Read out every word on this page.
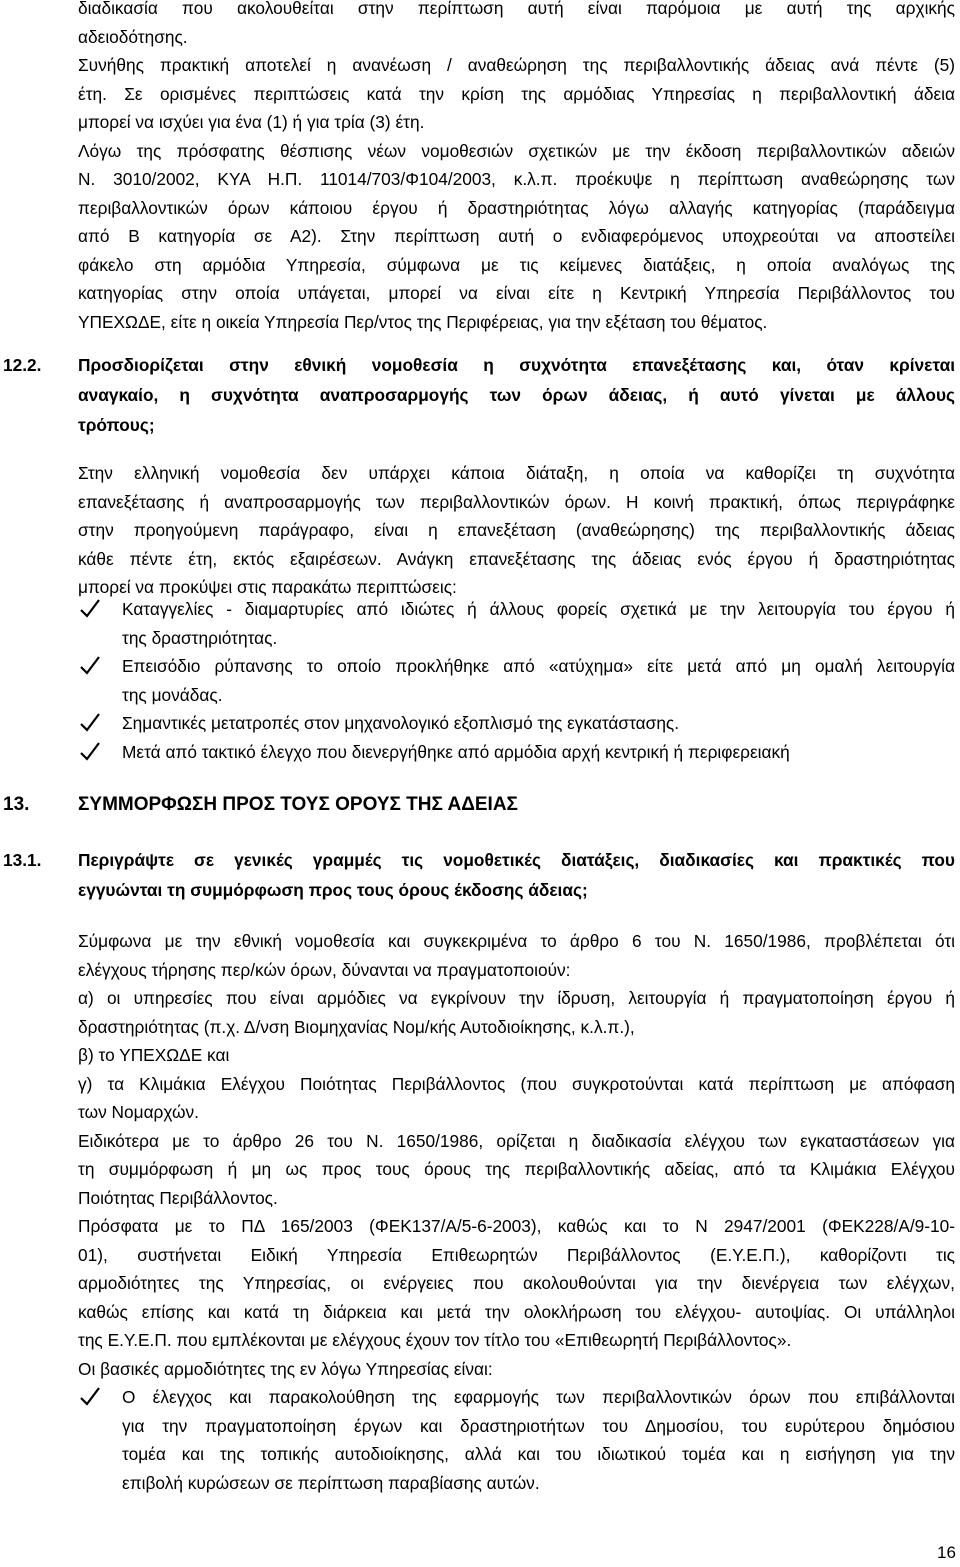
διαδικασία που ακολουθείται στην περίπτωση αυτή είναι παρόμοια με αυτή της αρχικής

αδειοδότησης.

Συνήθης πρακτική αποτελεί η ανανέωση / αναθεώρηση της περιβαλλοντικής άδειας ανά πέντε (5)

έτη. Σε ορισμένες περιπτώσεις κατά την κρίση της αρμόδιας Υπηρεσίας η περιβαλλοντική άδεια

μπορεί να ισχύει για ένα (1) ή για τρία (3) έτη.

Λόγω της πρόσφατης θέσπισης νέων νομοθεσιών σχετικών με την έκδοση περιβαλλοντικών αδειών

Ν. 3010/2002, ΚΥΑ Η.Π. 11014/703/Φ104/2003, κ.λ.π. προέκυψε η περίπτωση αναθεώρησης των

περιβαλλοντικών όρων κάποιου έργου ή δραστηριότητας λόγω αλλαγής κατηγορίας (παράδειγμα

από Β κατηγορία σε Α2). Στην περίπτωση αυτή ο ενδιαφερόμενος υποχρεούται να αποστείλει

φάκελο στη αρμόδια Υπηρεσία, σύμφωνα με τις κείμενες διατάξεις, η οποία αναλόγως της

κατηγορίας στην οποία υπάγεται, μπορεί να είναι είτε η Κεντρική Υπηρεσία Περιβάλλοντος του

ΥΠΕΧΩΔΕ, είτε η οικεία Υπηρεσία Περ/ντος της Περιφέρειας, για την εξέταση του θέματος.

12.2. Προσδιορίζεται στην εθνική νομοθεσία η συχνότητα επανεξέτασης και, όταν κρίνεται

αναγκαίο, η συχνότητα αναπροσαρμογής των όρων άδειας, ή αυτό γίνεται με άλλους

τρόπους;

Στην ελληνική νομοθεσία δεν υπάρχει κάποια διάταξη, η οποία να καθορίζει τη συχνότητα

επανεξέτασης ή αναπροσαρμογής των περιβαλλοντικών όρων. Η κοινή πρακτική, όπως περιγράφηκε

στην προηγούμενη παράγραφο, είναι η επανεξέταση (αναθεώρησης) της περιβαλλοντικής άδειας

κάθε πέντε έτη, εκτός εξαιρέσεων. Ανάγκη επανεξέτασης της άδειας ενός έργου ή δραστηριότητας

μπορεί να προκύψει στις παρακάτω περιπτώσεις:

Καταγγελίες - διαμαρτυρίες από ιδιώτες ή άλλους φορείς σχετικά με την λειτουργία του έργου ή

της δραστηριότητας.

Επεισόδιο ρύπανσης το οποίο προκλήθηκε από «ατύχημα» είτε μετά από μη ομαλή λειτουργία

της μονάδας.

Σημαντικές μετατροπές στον μηχανολογικό εξοπλισμό της εγκατάστασης.

Μετά από τακτικό έλεγχο που διενεργήθηκε από αρμόδια αρχή κεντρική ή περιφερειακή

13.	ΣΥΜΜΟΡΦΩΣΗ ΠΡΟΣ ΤΟΥΣ ΟΡΟΥΣ ΤΗΣ ΑΔΕΙΑΣ
13.1. Περιγράψτε σε γενικές γραμμές τις νομοθετικές διατάξεις, διαδικασίες και πρακτικές που

εγγυώνται τη συμμόρφωση προς τους όρους έκδοσης άδειας;

Σύμφωνα με την εθνική νομοθεσία και συγκεκριμένα το άρθρο 6 του Ν. 1650/1986, προβλέπεται ότι

ελέγχους τήρησης περ/κών όρων, δύνανται να πραγματοποιούν:

α) οι υπηρεσίες που είναι αρμόδιες να εγκρίνουν την ίδρυση, λειτουργία ή πραγματοποίηση έργου ή

δραστηριότητας (π.χ. Δ/νση Βιομηχανίας Νομ/κής Αυτοδιοίκησης, κ.λ.π.),

β) το ΥΠΕΧΩΔΕ και

γ) τα Κλιμάκια Ελέγχου Ποιότητας Περιβάλλοντος (που συγκροτούνται κατά περίπτωση με απόφαση

των Νομαρχών.

Ειδικότερα με το άρθρο 26 του Ν. 1650/1986, ορίζεται η διαδικασία ελέγχου των εγκαταστάσεων για

τη συμμόρφωση ή μη ως προς τους όρους της περιβαλλοντικής αδείας, από τα Κλιμάκια Ελέγχου

Ποιότητας Περιβάλλοντος.

Πρόσφατα με το ΠΔ 165/2003 (ΦΕΚ137/Α/5-6-2003), καθώς και το Ν 2947/2001 (ΦΕΚ228/Α/9-10-

01), συστήνεται Ειδική Υπηρεσία Επιθεωρητών Περιβάλλοντος (Ε.Υ.Ε.Π.), καθορίζοντι τις

αρμοδιότητες της Υπηρεσίας, οι ενέργειες που ακολουθούνται για την διενέργεια των ελέγχων,

καθώς επίσης και κατά τη διάρκεια και μετά την ολοκλήρωση του ελέγχου- αυτοψίας. Οι υπάλληλοι

της Ε.Υ.Ε.Π. που εμπλέκονται με ελέγχους έχουν τον τίτλο του «Επιθεωρητή Περιβάλλοντος».

Οι βασικές αρμοδιότητες της εν λόγω Υπηρεσίας είναι:

Ο έλεγχος και παρακολούθηση της εφαρμογής των περιβαλλοντικών όρων που επιβάλλονται

για την πραγματοποίηση έργων και δραστηριοτήτων του Δημοσίου, του ευρύτερου δημόσιου

τομέα και της τοπικής αυτοδιοίκησης, αλλά και του ιδιωτικού τομέα και η εισήγηση για την

επιβολή κυρώσεων σε περίπτωση παραβίασης αυτών.

16
